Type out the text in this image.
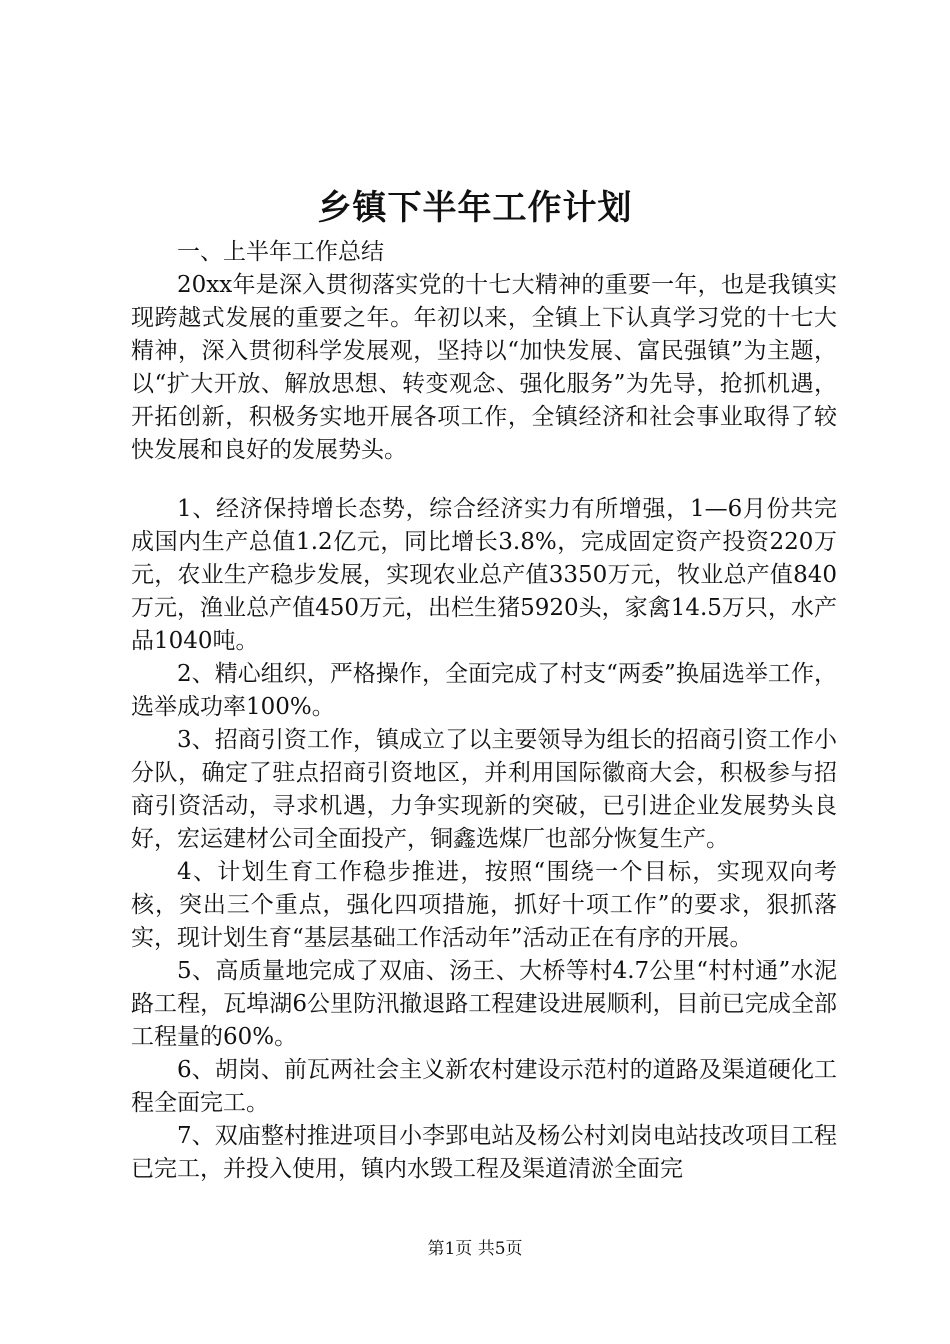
乡镇下半年工作计划

一、上半年工作总结

20xx年是深入贯彻落实党的十七大精神的重要一年，也是我镇实现跨越式发展的重要之年。年初以来，全镇上下认真学习党的十七大精神，深入贯彻科学发展观，坚持以“加快发展、富民强镇”为主题，以“扩大开放、解放思想、转变观念、强化服务”为先导，抢抓机遇，开拓创新，积极务实地开展各项工作，全镇经济和社会事业取得了较快发展和良好的发展势头。

1、经济保持增长态势，综合经济实力有所增强，1—6月份共完成国内生产总值1.2亿元，同比增长3.8%，完成固定资产投资220万元，农业生产稳步发展，实现农业总产值3350万元，牧业总产值840万元，渔业总产值450万元，出栏生猪5920头，家禽14.5万只，水产品1040吨。

2、精心组织，严格操作，全面完成了村支“两委”换届选举工作，选举成功率100%。

3、招商引资工作，镇成立了以主要领导为组长的招商引资工作小分队，确定了驻点招商引资地区，并利用国际徽商大会，积极参与招商引资活动，寻求机遇，力争实现新的突破，已引进企业发展势头良好，宏运建材公司全面投产，铜鑫选煤厂也部分恢复生产。

4、计划生育工作稳步推进，按照“围绕一个目标，实现双向考核，突出三个重点，强化四项措施，抓好十项工作”的要求，狠抓落实，现计划生育“基层基础工作活动年”活动正在有序的开展。

5、高质量地完成了双庙、汤王、大桥等村4.7公里“村村通”水泥路工程，瓦埠湖6公里防汛撤退路工程建设进展顺利，目前已完成全部工程量的60%。

6、胡岗、前瓦两社会主义新农村建设示范村的道路及渠道硬化工程全面完工。

7、双庙整村推进项目小李郢电站及杨公村刘岗电站技改项目工程已完工，并投入使用，镇内水毁工程及渠道清淤全面完

第1页 共5页
